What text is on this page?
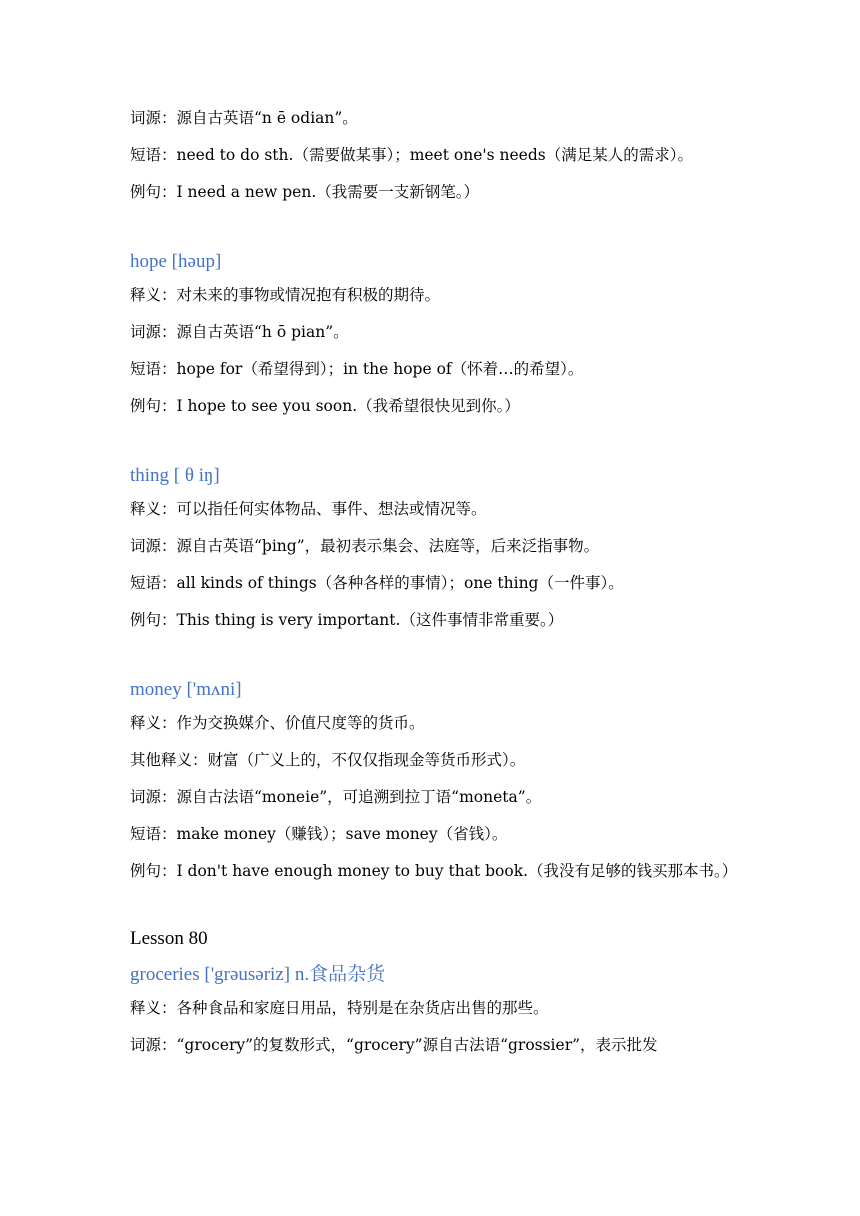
词源：源自古英语“n ē odian”。
短语：need to do sth.（需要做某事）；meet one's needs（满足某人的需求）。
例句：I need a new pen.（我需要一支新钢笔。）
hope [həup]
释义：对未来的事物或情况抱有积极的期待。
词源：源自古英语“h ō pian”。
短语：hope for（希望得到）；in the hope of（怀着…的希望）。
例句：I hope to see you soon.（我希望很快见到你。）
thing [ θ iŋ]
释义：可以指任何实体物品、事件、想法或情况等。
词源：源自古英语“þing”，最初表示集会、法庭等，后来泛指事物。
短语：all kinds of things（各种各样的事情）；one thing（一件事）。
例句：This thing is very important.（这件事情非常重要。）
money ['mʌni]
释义：作为交换媒介、价值尺度等的货币。
其他释义：财富（广义上的，不仅仅指现金等货币形式）。
词源：源自古法语“moneie”，可追溯到拉丁语“moneta”。
短语：make money（赚钱）；save money（省钱）。
例句：I don't have enough money to buy that book.（我没有足够的钱买那本书。）
Lesson 80
groceries ['grəusəriz] n.食品杂货
释义：各种食品和家庭日用品，特别是在杂货店出售的那些。
词源：“grocery”的复数形式，“grocery”源自古法语“grossier”，表示批发
